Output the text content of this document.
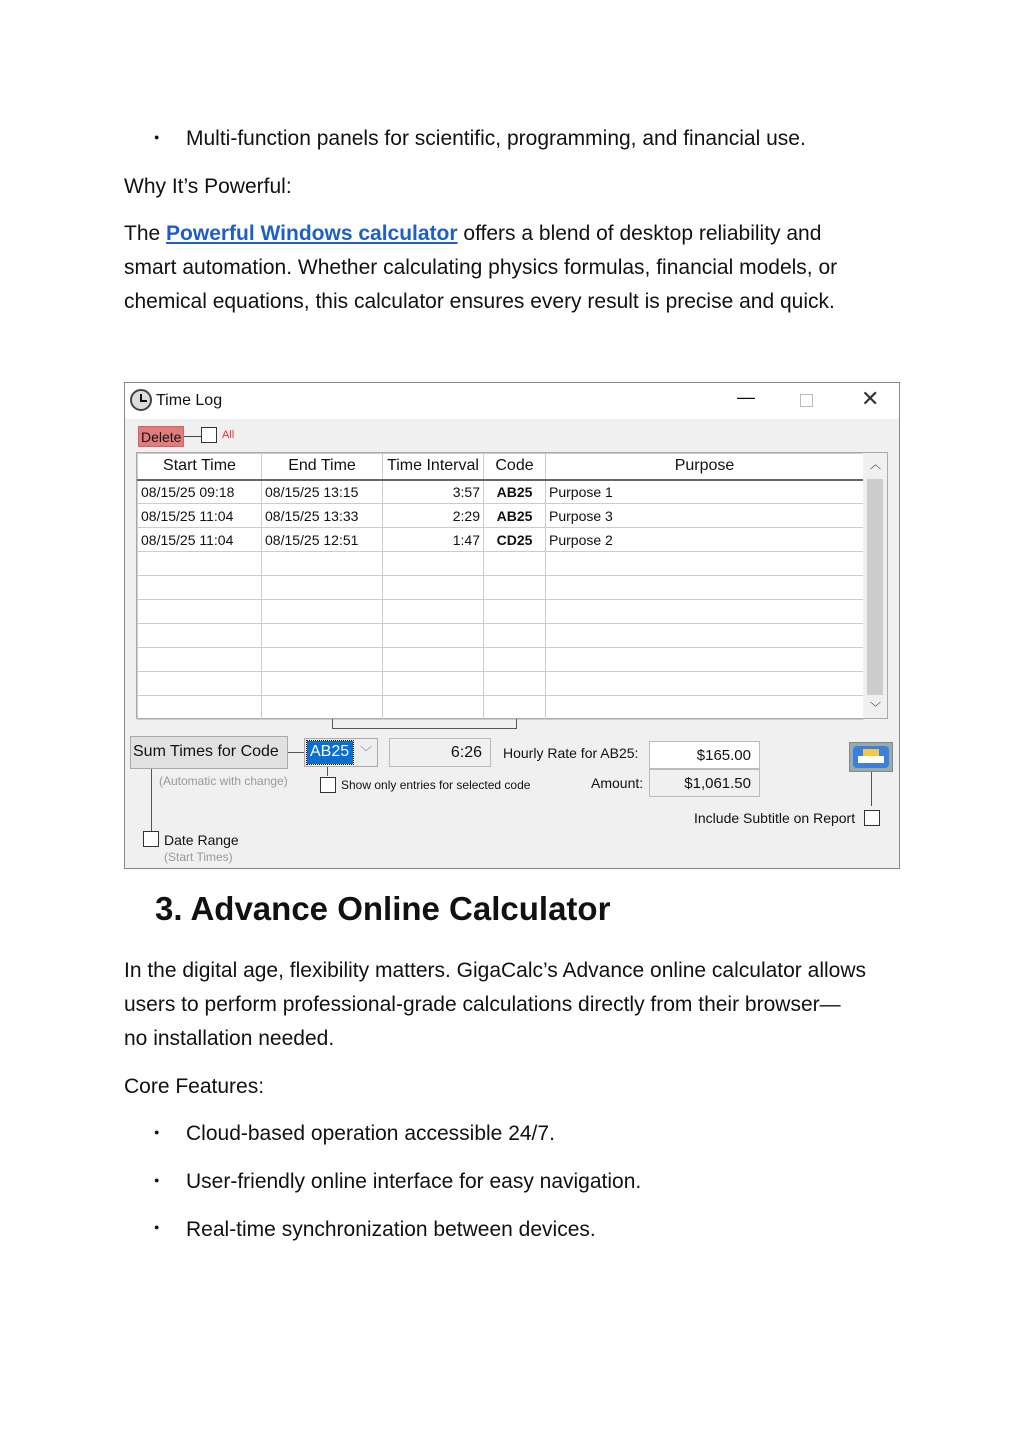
● Multi-function panels for scientific, programming, and financial use.
Why It’s Powerful:
The Powerful Windows calculator offers a blend of desktop reliability and
smart automation. Whether calculating physics formulas, financial models, or
chemical equations, this calculator ensures every result is precise and quick.
Time Log	—	✕
Delete	All
Start Time	End Time	Time Interval	Code	Purpose
08/15/25 09:18	08/15/25 13:15	3:57	AB25	Purpose 1
08/15/25 11:04	08/15/25 13:33	2:29	AB25	Purpose 3
08/15/25 11:04	08/15/25 12:51	1:47	CD25	Purpose 2

︿
﹀
Sum Times for Code
(Automatic with change)
AB25 ﹀	6:26
Show only entries for selected code
Hourly Rate for AB25:	$165.00
Amount:	$1,061.50
Include Subtitle on Report
Date Range
(Start Times)
3. Advance Online Calculator
In the digital age, flexibility matters. GigaCalc’s Advance online calculator allows
users to perform professional-grade calculations directly from their browser—
no installation needed.
Core Features:
● Cloud-based operation accessible 24/7.
● User-friendly online interface for easy navigation.
● Real-time synchronization between devices.
